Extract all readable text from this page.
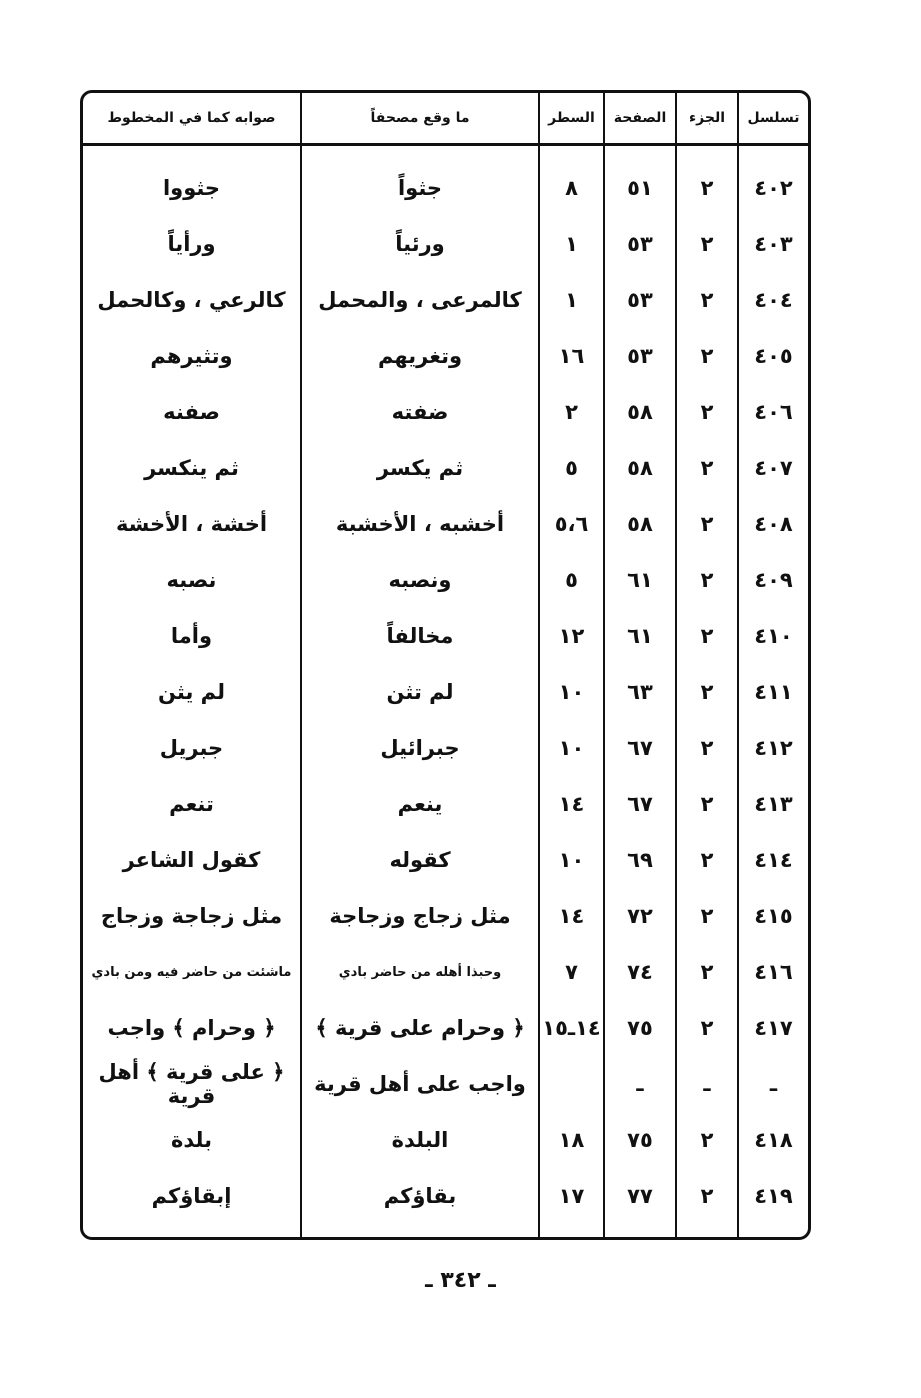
تسلسل	الجزء	الصفحة	السطر	ما وقع مصحفاً	صوابه كما في المخطوط

٤٠٢	٢	٥١	٨	جثواً	جثووا
٤٠٣	٢	٥٣	١	ورئياً	ورأياً
٤٠٤	٢	٥٣	١	كالمرعى ، والمحمل	كالرعي ، وكالحمل
٤٠٥	٢	٥٣	١٦	وتغريهم	وتثيرهم
٤٠٦	٢	٥٨	٢	ضفته	صفنه
٤٠٧	٢	٥٨	٥	ثم يكسر	ثم ينكسر
٤٠٨	٢	٥٨	٥،٦	أخشبه ، الأخشبة	أخشة ، الأخشة
٤٠٩	٢	٦١	٥	ونصبه	نصبه
٤١٠	٢	٦١	١٢	مخالفاً	وأما
٤١١	٢	٦٣	١٠	لم تثن	لم يثن
٤١٢	٢	٦٧	١٠	جبرائيل	جبريل
٤١٣	٢	٦٧	١٤	ينعم	تنعم
٤١٤	٢	٦٩	١٠	كقوله	كقول الشاعر
٤١٥	٢	٧٢	١٤	مثل زجاج وزجاجة	مثل زجاجة وزجاج
٤١٦	٢	٧٤	٧	وحبذا أهله من حاضر بادي	ماشئت من حاضر فيه ومن بادي
٤١٧	٢	٧٥	١٤ـ١٥	﴿ وحرام على قرية ﴾	﴿ وحرام ﴾ واجب
ـ	ـ	ـ		واجب على أهل قرية	﴿ على قرية ﴾ أهل قرية
٤١٨	٢	٧٥	١٨	البلدة	بلدة
٤١٩	٢	٧٧	١٧	بقاؤكم	إبقاؤكم

ـ ٣٤٢ ـ
